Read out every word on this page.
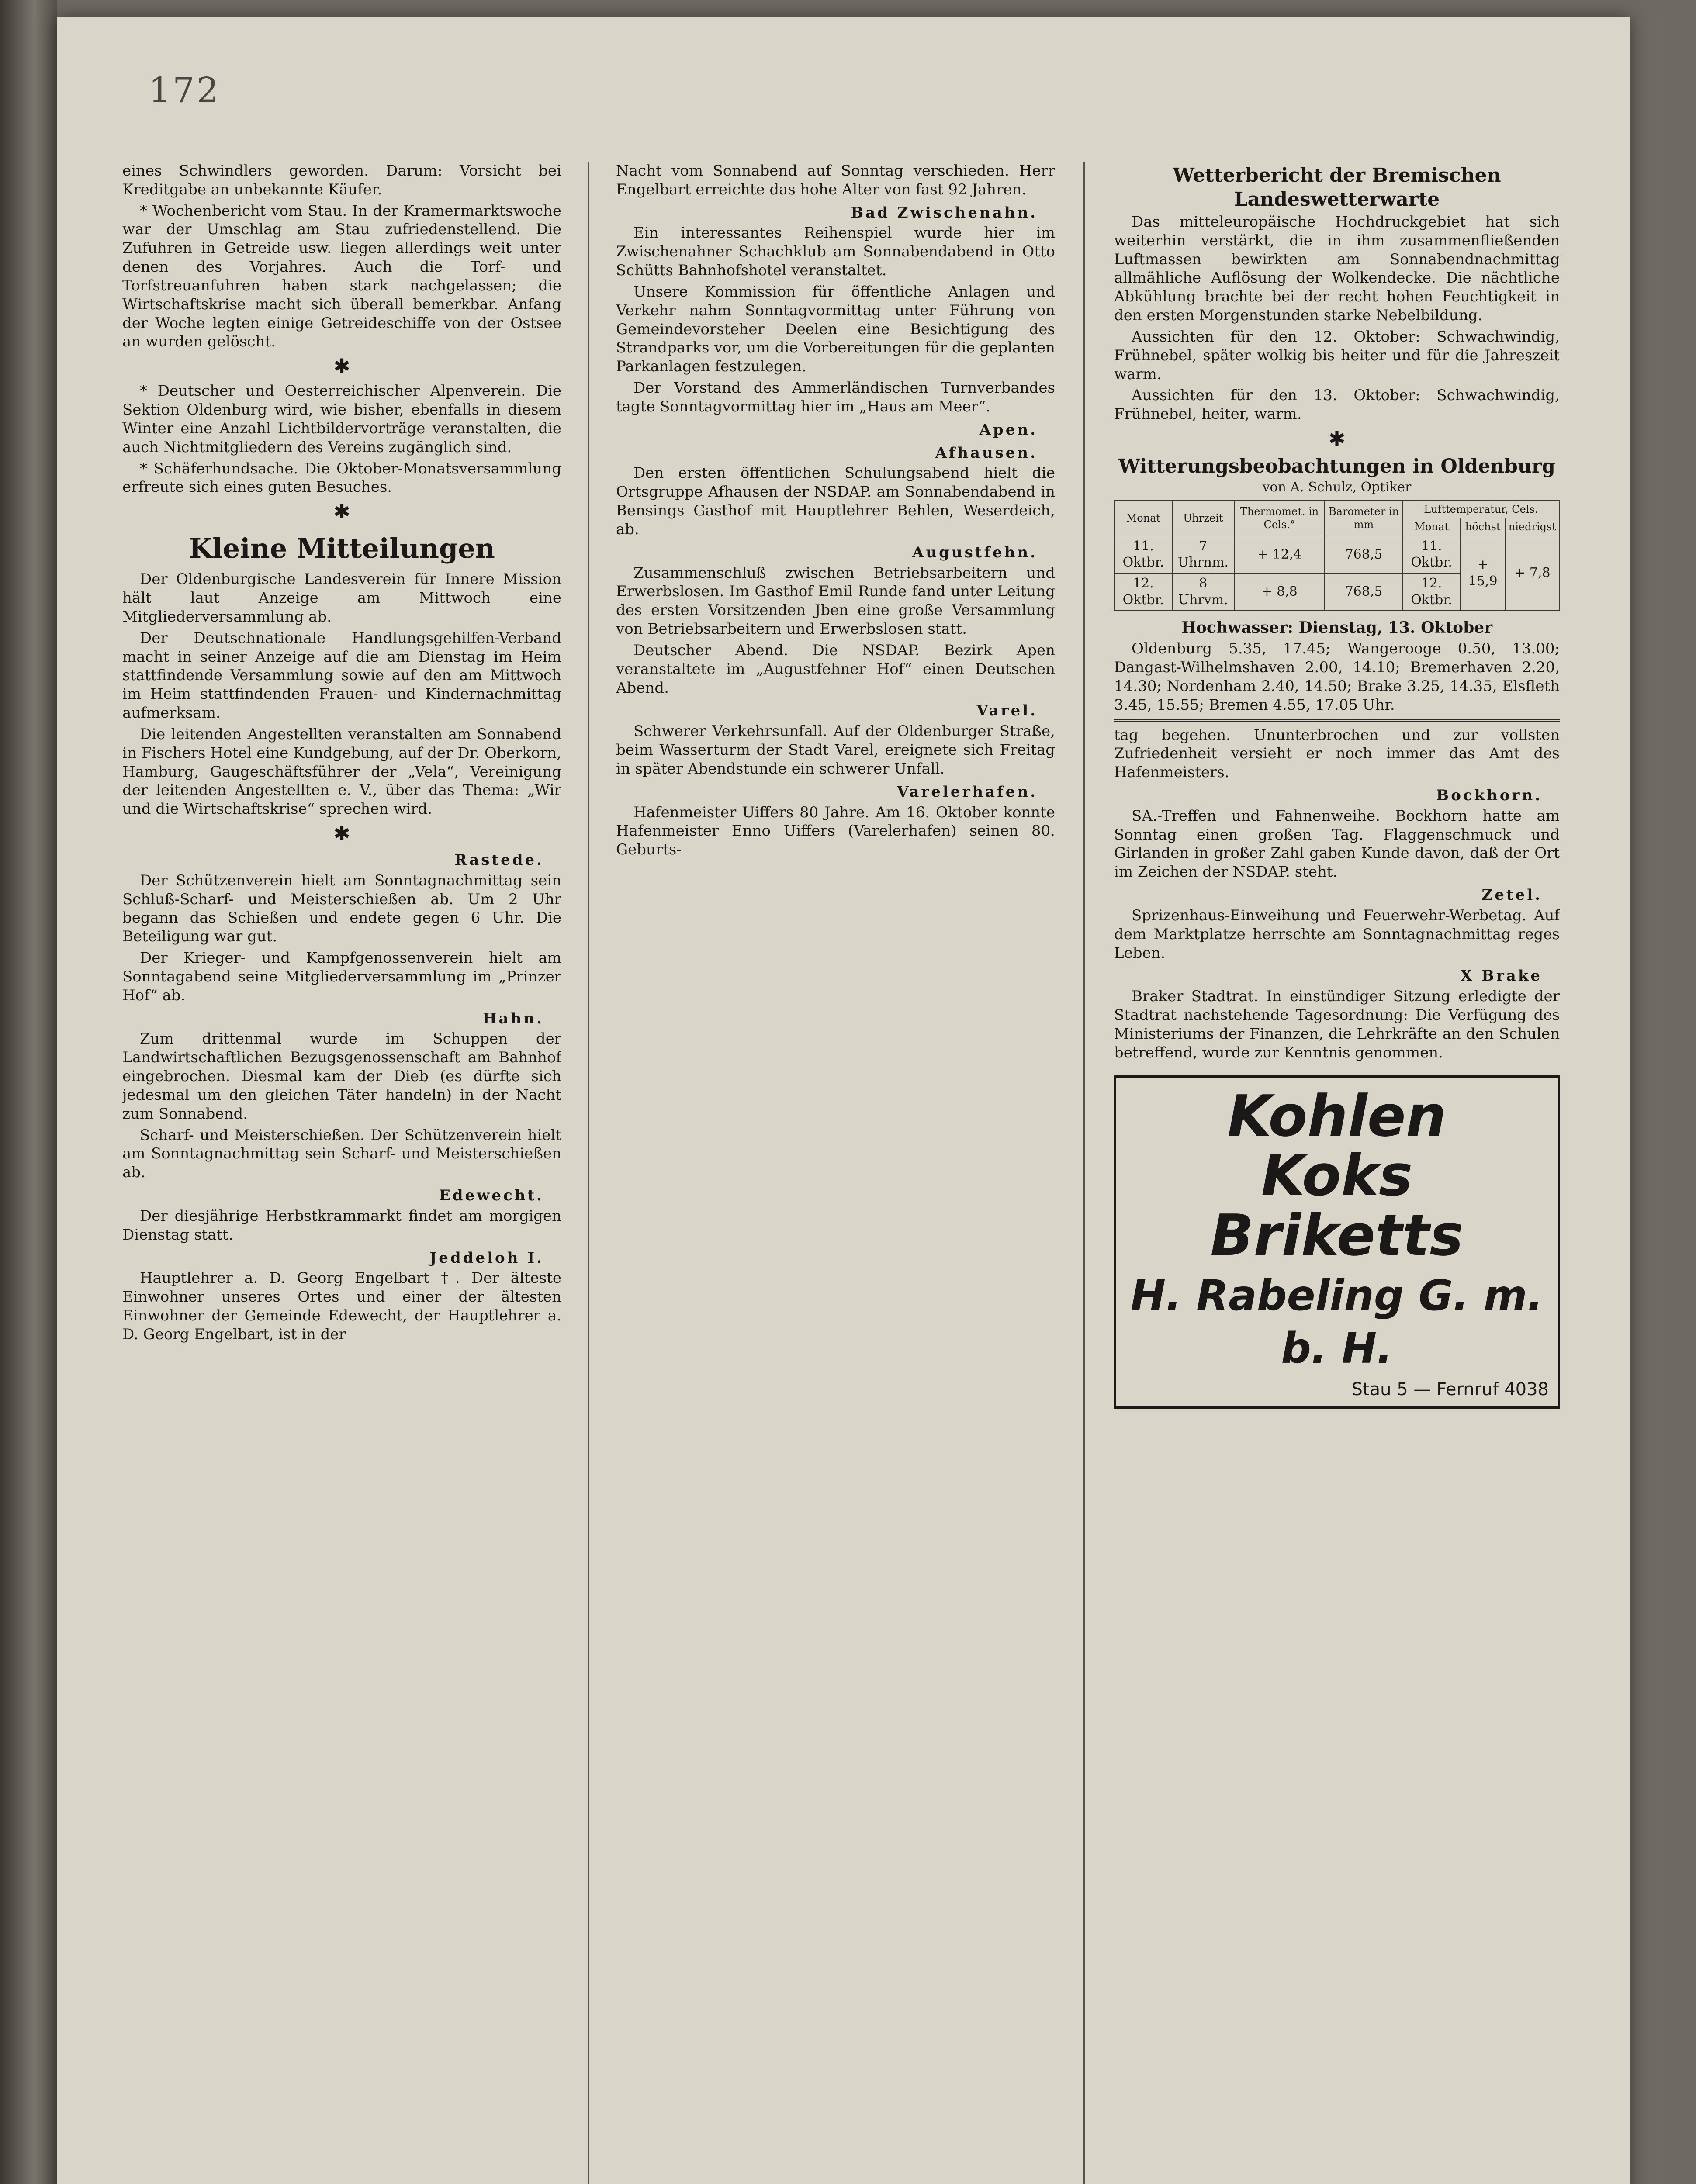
172

eines Schwindlers geworden. Darum: Vorsicht bei Kreditgabe an unbekannte Käufer.

* Wochenbericht vom Stau. In der Kramermarktswoche war der Umschlag am Stau zufriedenstellend. Die Zufuhren in Getreide usw. liegen allerdings weit unter denen des Vorjahres. Auch die Torf- und Torfstreuanfuhren haben stark nachgelassen; die Wirtschaftskrise macht sich überall bemerkbar. Anfang der Woche legten einige Getreideschiffe von der Ostsee an wurden gelöscht.

✱

* Deutscher und Oesterreichischer Alpenverein. Die Sektion Oldenburg wird, wie bisher, ebenfalls in diesem Winter eine Anzahl Lichtbildervorträge veranstalten, die auch Nichtmitgliedern des Vereins zugänglich sind.

* Schäferhundsache. Die Oktober-Monatsversammlung erfreute sich eines guten Besuches.

✱
Kleine Mitteilungen

Der Oldenburgische Landesverein für Innere Mission hält laut Anzeige am Mittwoch eine Mitgliederversammlung ab.

Der Deutschnationale Handlungsgehilfen-Verband macht in seiner Anzeige auf die am Dienstag im Heim stattfindende Versammlung sowie auf den am Mittwoch im Heim stattfindenden Frauen- und Kindernachmittag aufmerksam.

Die leitenden Angestellten veranstalten am Sonnabend in Fischers Hotel eine Kundgebung, auf der Dr. Oberkorn, Hamburg, Gaugeschäftsführer der „Vela“, Vereinigung der leitenden Angestellten e. V., über das Thema: „Wir und die Wirtschaftskrise“ sprechen wird.

✱

Rastede.

Der Schützenverein hielt am Sonntagnachmittag sein Schluß-Scharf- und Meisterschießen ab. Um 2 Uhr begann das Schießen und endete gegen 6 Uhr. Die Beteiligung war gut.

Der Krieger- und Kampfgenossenverein hielt am Sonntagabend seine Mitgliederversammlung im „Prinzer Hof“ ab.

Hahn.

Zum drittenmal wurde im Schuppen der Landwirtschaftlichen Bezugsgenossenschaft am Bahnhof eingebrochen. Diesmal kam der Dieb (es dürfte sich jedesmal um den gleichen Täter handeln) in der Nacht zum Sonnabend.

Scharf- und Meisterschießen. Der Schützenverein hielt am Sonntagnachmittag sein Scharf- und Meisterschießen ab.

Edewecht.

Der diesjährige Herbstkrammarkt findet am morgigen Dienstag statt.

Jeddeloh I.

Hauptlehrer a. D. Georg Engelbart †. Der älteste Einwohner unseres Ortes und einer der ältesten Einwohner der Gemeinde Edewecht, der Hauptlehrer a. D. Georg Engelbart, ist in der

Nacht vom Sonnabend auf Sonntag verschieden. Herr Engelbart erreichte das hohe Alter von fast 92 Jahren.

Bad Zwischenahn.

Ein interessantes Reihenspiel wurde hier im Zwischenahner Schachklub am Sonnabendabend in Otto Schütts Bahnhofshotel veranstaltet.

Unsere Kommission für öffentliche Anlagen und Verkehr nahm Sonntagvormittag unter Führung von Gemeindevorsteher Deelen eine Besichtigung des Strandparks vor, um die Vorbereitungen für die geplanten Parkanlagen festzulegen.

Der Vorstand des Ammerländischen Turnverbandes tagte Sonntagvormittag hier im „Haus am Meer“.

Apen.

Afhausen.

Den ersten öffentlichen Schulungsabend hielt die Ortsgruppe Afhausen der NSDAP. am Sonnabendabend in Bensings Gasthof mit Hauptlehrer Behlen, Weserdeich, ab.

Augustfehn.

Zusammenschluß zwischen Betriebsarbeitern und Erwerbslosen. Im Gasthof Emil Runde fand unter Leitung des ersten Vorsitzenden Jben eine große Versammlung von Betriebsarbeitern und Erwerbslosen statt.

Deutscher Abend. Die NSDAP. Bezirk Apen veranstaltete im „Augustfehner Hof“ einen Deutschen Abend.

Varel.

Schwerer Verkehrsunfall. Auf der Oldenburger Straße, beim Wasserturm der Stadt Varel, ereignete sich Freitag in später Abendstunde ein schwerer Unfall.

Varelerhafen.

Hafenmeister Uiffers 80 Jahre. Am 16. Oktober konnte Hafenmeister Enno Uiffers (Varelerhafen) seinen 80. Geburts-

Wetterbericht der Bremischen Landeswetterwarte

Das mitteleuropäische Hochdruckgebiet hat sich weiterhin verstärkt, die in ihm zusammenfließenden Luftmassen bewirkten am Sonnabendnachmittag allmähliche Auflösung der Wolkendecke. Die nächtliche Abkühlung brachte bei der recht hohen Feuchtigkeit in den ersten Morgenstunden starke Nebelbildung.

Aussichten für den 12. Oktober: Schwachwindig, Frühnebel, später wolkig bis heiter und für die Jahreszeit warm.

Aussichten für den 13. Oktober: Schwachwindig, Frühnebel, heiter, warm.

✱
Witterungsbeobachtungen in Oldenburg
von A. Schulz, Optiker
Monat	Uhrzeit	Thermomet. in Cels.°	Barometer in mm	Lufttemperatur, Cels.		
				Monat	höchst	niedrigst
11. Oktbr.	7 Uhrnm.	+ 12,4	768,5	11. Oktbr.	+ 15,9	+ 7,8
12. Oktbr.	8 Uhrvm.	+ 8,8	768,5	12. Oktbr.		
Hochwasser: Dienstag, 13. Oktober

Oldenburg 5.35, 17.45; Wangerooge 0.50, 13.00; Dangast-Wilhelmshaven 2.00, 14.10; Bremerhaven 2.20, 14.30; Nordenham 2.40, 14.50; Brake 3.25, 14.35, Elsfleth 3.45, 15.55; Bremen 4.55, 17.05 Uhr.

tag begehen. Ununterbrochen und zur vollsten Zufriedenheit versieht er noch immer das Amt des Hafenmeisters.

Bockhorn.

SA.-Treffen und Fahnenweihe. Bockhorn hatte am Sonntag einen großen Tag. Flaggenschmuck und Girlanden in großer Zahl gaben Kunde davon, daß der Ort im Zeichen der NSDAP. steht.

Zetel.

Sprizenhaus-Einweihung und Feuerwehr-Werbetag. Auf dem Marktplatze herrschte am Sonntagnachmittag reges Leben.

X Brake

Braker Stadtrat. In einstündiger Sitzung erledigte der Stadtrat nachstehende Tagesordnung: Die Verfügung des Ministeriums der Finanzen, die Lehrkräfte an den Schulen betreffend, wurde zur Kenntnis genommen.

Kohlen
Koks
Briketts
H. Rabeling G. m. b. H.
Stau 5 — Fernruf 4038
